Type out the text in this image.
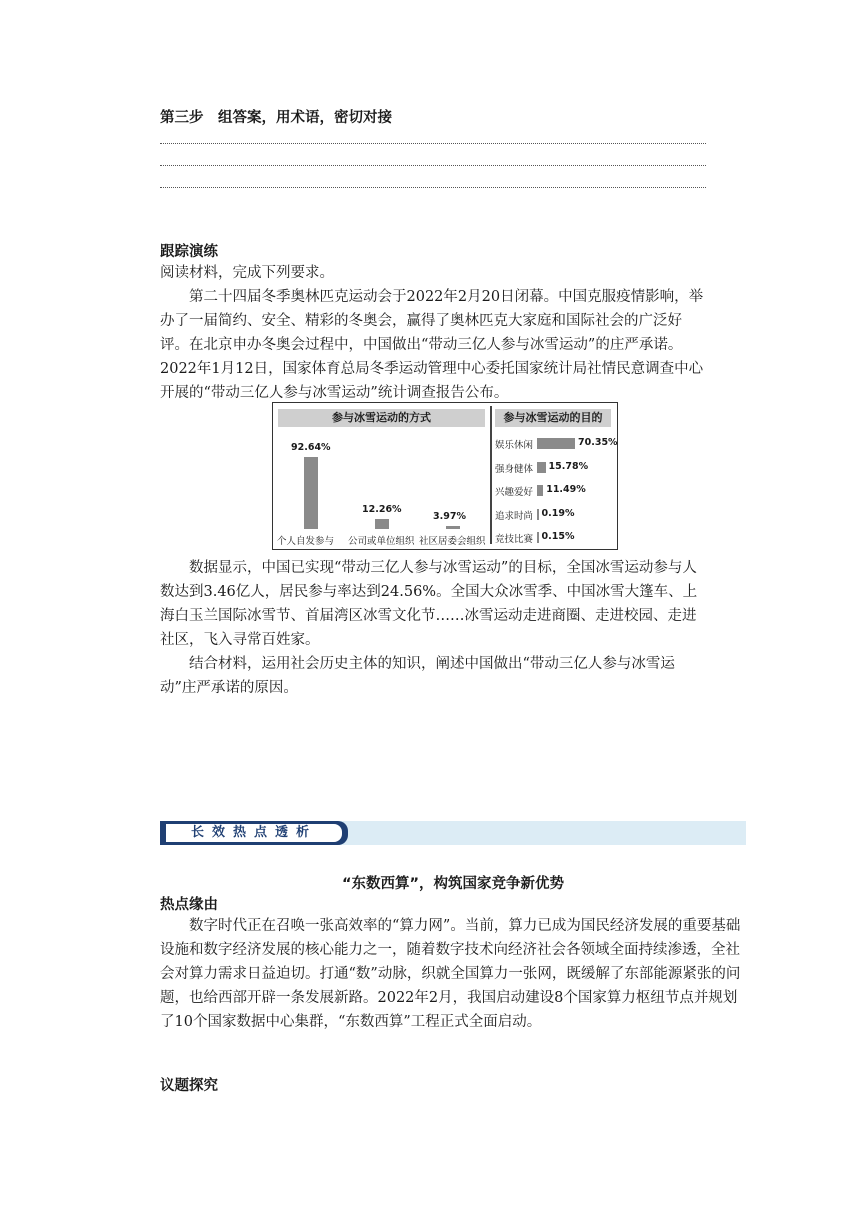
第三步　组答案，用术语，密切对接
跟踪演练
阅读材料，完成下列要求。
第二十四届冬季奥林匹克运动会于2022年2月20日闭幕。中国克服疫情影响，举办了一届简约、安全、精彩的冬奥会，赢得了奥林匹克大家庭和国际社会的广泛好评。 在北京申办冬奥会过程中，中国做出“带动三亿人参与冰雪运动”的庄严承诺。2022年1月12日，国家体育总局冬季运动管理中心委托国家统计局社情民意调查中心开展的“带动三亿人参与冰雪运动”统计调查报告公布。
参与冰雪运动的方式	参与冰雪运动的目的
92.64%
个人自发参与
12.26%
公司或单位组织
3.97%
社区居委会组织
娱乐休闲	70.35%
强身健体 15.78%
兴趣爱好 11.49%
追求时尚 0.19%
竞技比赛 0.15%
数据显示，中国已实现“带动三亿人参与冰雪运动”的目标，全国冰雪运动参与人数达到3.46亿人，居民参与率达到24.56%。全国大众冰雪季、中国冰雪大篷车、上海白玉兰国际冰雪节、首届湾区冰雪文化节……冰雪运动走进商圈、走进校园、走进社区，飞入寻常百姓家。
结合材料，运用社会历史主体的知识，阐述中国做出“带动三亿人参与冰雪运动”庄严承诺的原因。
长效热点透析
“东数西算”，构筑国家竞争新优势
热点缘由
数字时代正在召唤一张高效率的“算力网”。当前，算力已成为国民经济发展的重要基础设施和数字经济发展的核心能力之一，随着数字技术向经济社会各领域全面持续渗透，全社会对算力需求日益迫切。打通“数”动脉，织就全国算力一张网，既缓解了东部能源紧张的问题，也给西部开辟一条发展新路。2022年2月，我国启动建设8个国家算力枢纽节点并规划了10个国家数据中心集群，“东数西算”工程正式全面启动。
议题探究
